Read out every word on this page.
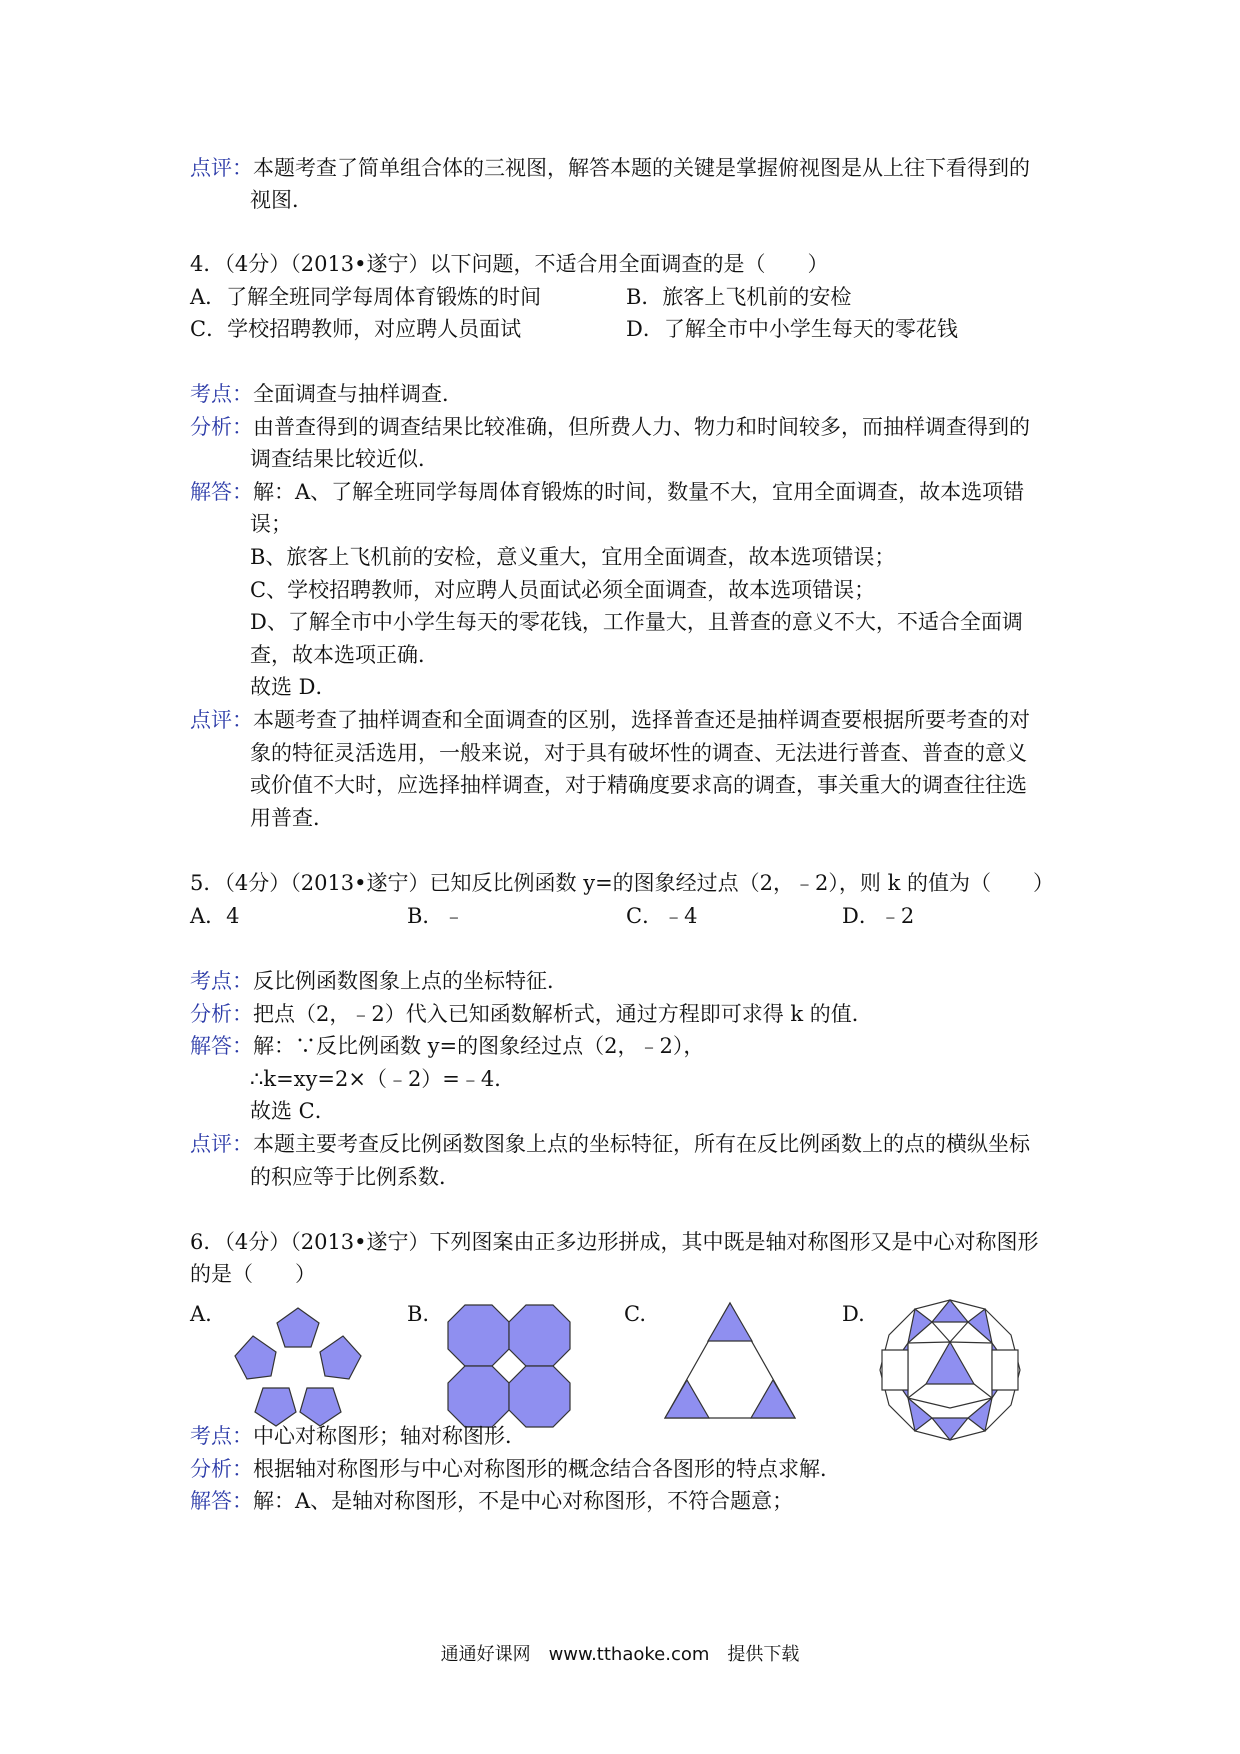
点评：本题考查了简单组合体的三视图，解答本题的关键是掌握俯视图是从上往下看得到的
视图．
4．（4分）（2013•遂宁）以下问题，不适合用全面调查的是（　　）
A．了解全班同学每周体育锻炼的时间	B．旅客上飞机前的安检
C．学校招聘教师，对应聘人员面试	D．了解全市中小学生每天的零花钱
考点：全面调查与抽样调查．
分析：由普查得到的调查结果比较准确，但所费人力、物力和时间较多，而抽样调查得到的
调查结果比较近似．
解答：解：A、了解全班同学每周体育锻炼的时间，数量不大，宜用全面调查，故本选项错
误；
B、旅客上飞机前的安检，意义重大，宜用全面调查，故本选项错误；
C、学校招聘教师，对应聘人员面试必须全面调查，故本选项错误；
D、了解全市中小学生每天的零花钱，工作量大，且普查的意义不大，不适合全面调
查，故本选项正确．
故选 D．
点评：本题考查了抽样调查和全面调查的区别，选择普查还是抽样调查要根据所要考查的对
象的特征灵活选用，一般来说，对于具有破坏性的调查、无法进行普查、普查的意义
或价值不大时，应选择抽样调查，对于精确度要求高的调查，事关重大的调查往往选
用普查．
5．（4分）（2013•遂宁）已知反比例函数 y=的图象经过点（2，﹣2），则 k 的值为（　　）
A．4	B．﹣	C．﹣4	D．﹣2
考点：反比例函数图象上点的坐标特征．
分析：把点（2，﹣2）代入已知函数解析式，通过方程即可求得 k 的值．
解答：解：∵反比例函数 y=的图象经过点（2，﹣2），
∴k=xy=2×（﹣2）=﹣4．
故选 C．
点评：本题主要考查反比例函数图象上点的坐标特征，所有在反比例函数上的点的横纵坐标
的积应等于比例系数．
6．（4分）（2013•遂宁）下列图案由正多边形拼成，其中既是轴对称图形又是中心对称图形
的是（　　）
A.	B.	C.	D.
考点：中心对称图形；轴对称图形．
分析：根据轴对称图形与中心对称图形的概念结合各图形的特点求解．
解答：解：A、是轴对称图形，不是中心对称图形，不符合题意；
通通好课网　www.tthaoke.com　提供下载
